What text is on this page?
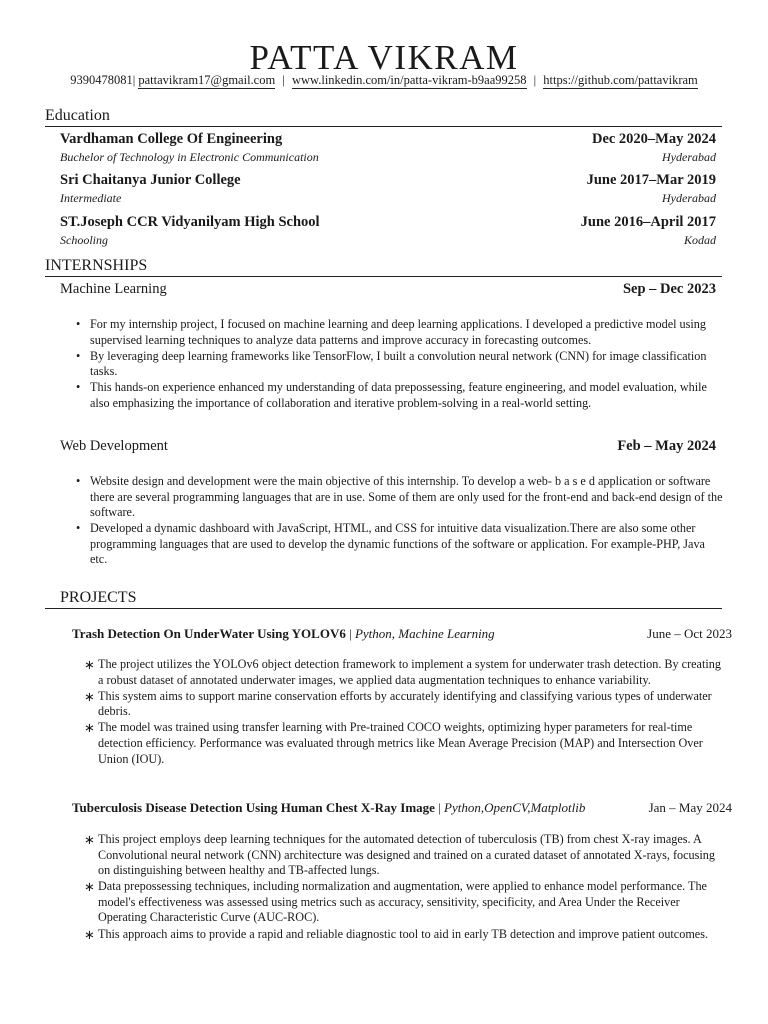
PATTA VIKRAM
9390478081| pattavikram17@gmail.com | www.linkedin.com/in/patta-vikram-b9aa99258 | https://github.com/pattavikram
Education
Vardhaman College Of Engineering	Dec 2020–May 2024
Buchelor of Technology in Electronic Communication	Hyderabad
Sri Chaitanya Junior College	June 2017–Mar 2019
Intermediate	Hyderabad
ST.Joseph CCR Vidyanilyam High School	June 2016–April 2017
Schooling	Kodad
INTERNSHIPS
Machine Learning	Sep – Dec 2023
• For my internship project, I focused on machine learning and deep learning applications. I developed a predictive model using supervised learning techniques to analyze data patterns and improve accuracy in forecasting outcomes.
• By leveraging deep learning frameworks like TensorFlow, I built a convolution neural network (CNN) for image classification tasks.
• This hands-on experience enhanced my understanding of data prepossessing, feature engineering, and model evaluation, while also emphasizing the importance of collaboration and iterative problem-solving in a real-world setting.
Web Development	Feb – May 2024
• Website design and development were the main objective of this internship. To develop a web- b a s e d application or software there are several programming languages that are in use. Some of them are only used for the front-end and back-end design of the software.
• Developed a dynamic dashboard with JavaScript, HTML, and CSS for intuitive data visualization.There are also some other programming languages that are used to develop the dynamic functions of the software or application. For example-PHP, Java etc.
PROJECTS
Trash Detection On UnderWater Using YOLOV6 | Python, Machine Learning	June – Oct 2023
∗ The project utilizes the YOLOv6 object detection framework to implement a system for underwater trash detection. By creating a robust dataset of annotated underwater images, we applied data augmentation techniques to enhance variability.
∗ This system aims to support marine conservation efforts by accurately identifying and classifying various types of underwater debris.
∗ The model was trained using transfer learning with Pre-trained COCO weights, optimizing hyper parameters for real-time detection efficiency. Performance was evaluated through metrics like Mean Average Precision (MAP) and Intersection Over Union (IOU).
Tuberculosis Disease Detection Using Human Chest X-Ray Image | Python,OpenCV,Matplotlib	Jan – May 2024
∗ This project employs deep learning techniques for the automated detection of tuberculosis (TB) from chest X-ray images. A Convolutional neural network (CNN) architecture was designed and trained on a curated dataset of annotated X-rays, focusing on distinguishing between healthy and TB-affected lungs.
∗ Data prepossessing techniques, including normalization and augmentation, were applied to enhance model performance. The model's effectiveness was assessed using metrics such as accuracy, sensitivity, specificity, and Area Under the Receiver Operating Characteristic Curve (AUC-ROC).
∗ This approach aims to provide a rapid and reliable diagnostic tool to aid in early TB detection and improve patient outcomes.
